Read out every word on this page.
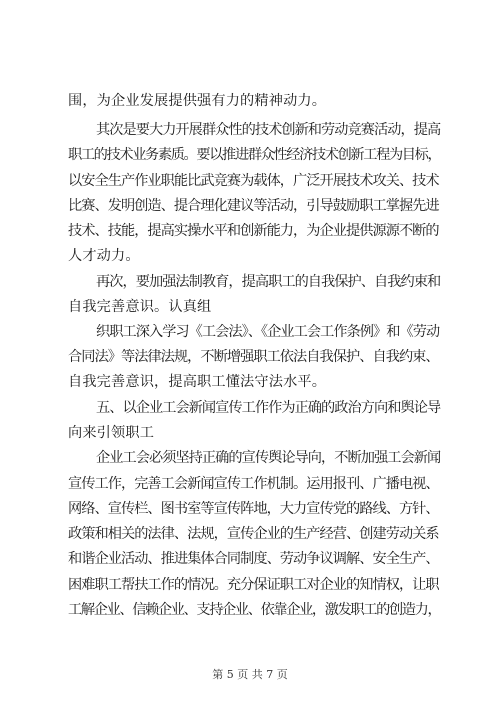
围，为企业发展提供强有力的精神动力。
其次是要大力开展群众性的技术创新和劳动竞赛活动，提高
职工的技术业务素质。要以推进群众性经济技术创新工程为目标，
以安全生产作业职能比武竞赛为载体，广泛开展技术攻关、技术
比赛、发明创造、提合理化建议等活动，引导鼓励职工掌握先进
技术、技能，提高实操水平和创新能力，为企业提供源源不断的
人才动力。
再次，要加强法制教育，提高职工的自我保护、自我约束和
自我完善意识。认真组
织职工深入学习《工会法》、《企业工会工作条例》和《劳动
合同法》等法律法规，不断增强职工依法自我保护、自我约束、
自我完善意识，提高职工懂法守法水平。
五、以企业工会新闻宣传工作作为正确的政治方向和舆论导
向来引领职工
企业工会必须坚持正确的宣传舆论导向，不断加强工会新闻
宣传工作，完善工会新闻宣传工作机制。运用报刊、广播电视、
网络、宣传栏、图书室等宣传阵地，大力宣传党的路线、方针、
政策和相关的法律、法规，宣传企业的生产经营、创建劳动关系
和谐企业活动、推进集体合同制度、劳动争议调解、安全生产、
困难职工帮扶工作的情况。充分保证职工对企业的知情权，让职
工解企业、信赖企业、支持企业、依靠企业，激发职工的创造力，
第 5 页 共 7 页
